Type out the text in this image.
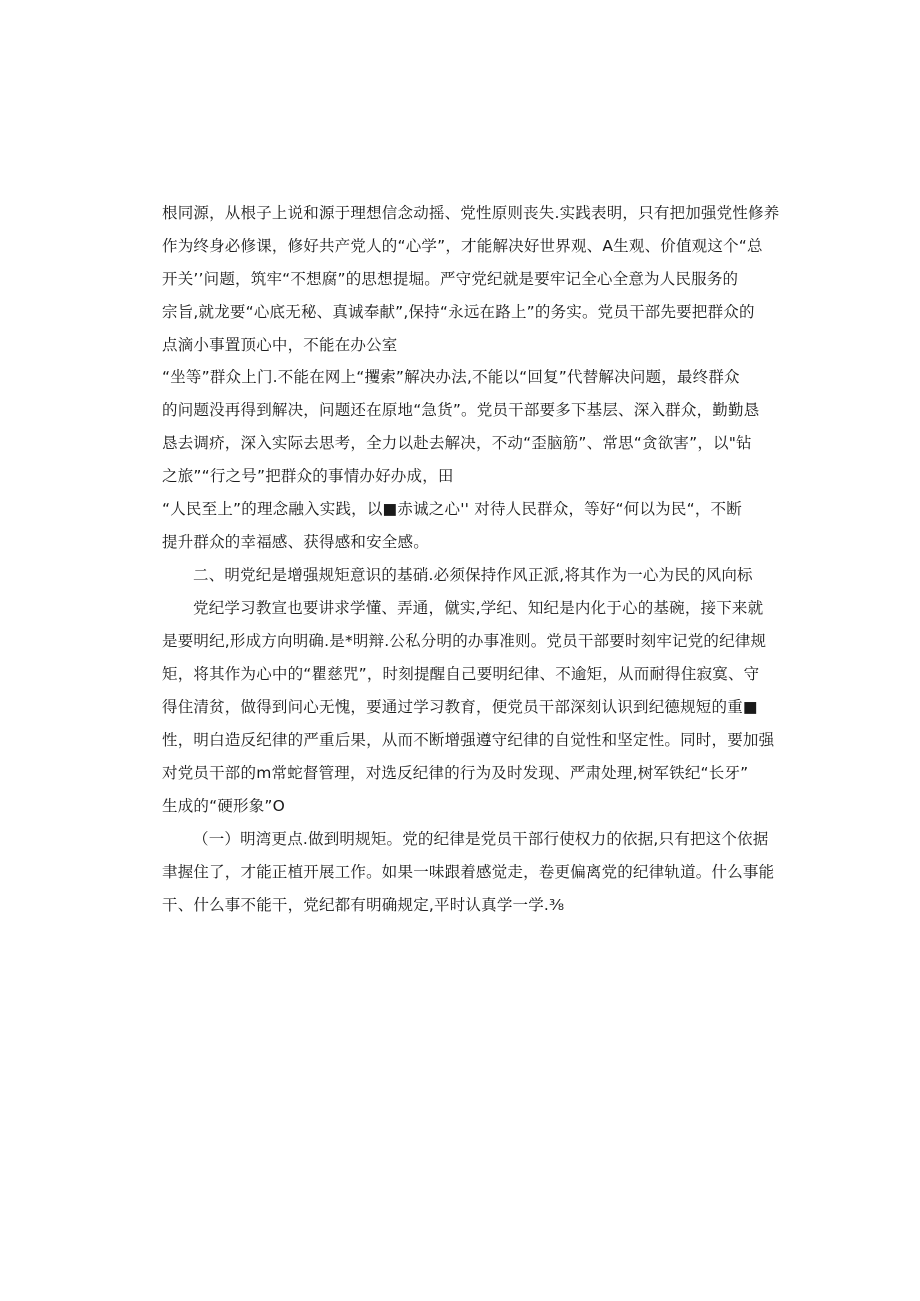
根同源，从根子上说和源于理想信念动摇、党性原则丧失.实践表明，只有把加强党性修养
作为终身必修课，修好共产党人的“心学”，才能解决好世界观、A生观、价值观这个“总
开关’’问题，筑牢“不想腐”的思想提堀。严守党纪就是要牢记全心全意为人民服务的
宗旨,就龙要“心底无秘、真诚奉献”,保持“永远在路上”的务实。党员干部先要把群众的
点滴小事置顶心中，不能在办公室
“坐等”群众上门.不能在网上“攫索”解决办法,不能以“回复”代替解决问题，最终群众
的问题没再得到解决，问题还在原地“急货”。党员干部要多下基层、深入群众，勤勤恳
恳去调疥，深入实际去思考，全力以赴去解决，不动“歪脑筋”、常思“贪欲害”，以"钻
之旅”“行之号”把群众的事情办好办成，田
“人民至上”的理念融入实践，以■赤诚之心'' 对待人民群众，等好“何以为民“，不断
提升群众的幸福感、获得感和安全感。
二、明党纪是增强规矩意识的基硝.必须保持作风正派,将其作为一心为民的风向标
党纪学习教宣也要讲求学懂、弄通，僦实,学纪、知纪是内化于心的基碗，接下来就
是要明纪,形成方向明确.是*明辩.公私分明的办事准则。党员干部要时刻牢记党的纪律规
矩，将其作为心中的“瞿慈咒”，时刻提醒自己要明纪律、不逾矩，从而耐得住寂寞、守
得住清贫，做得到问心无愧，要通过学习教育，便党员干部深刻认识到纪德规短的重■
性，明白造反纪律的严重后果，从而不断增强遵守纪律的自觉性和坚定性。同时，要加强
对党员干部的m常蛇督管理，对选反纪律的行为及时发现、严肃处理,树军铁纪“长牙”
生成的“硬形象”O
（一）明湾更点.做到明规矩。党的纪律是党员干部行使权力的依据,只有把这个依据
聿握住了，才能正植开展工作。如果一味跟着感觉走，卷更偏离党的纪律轨道。什么事能
干、什么事不能干，党纪都有明确规定,平时认真学一学.⅜
